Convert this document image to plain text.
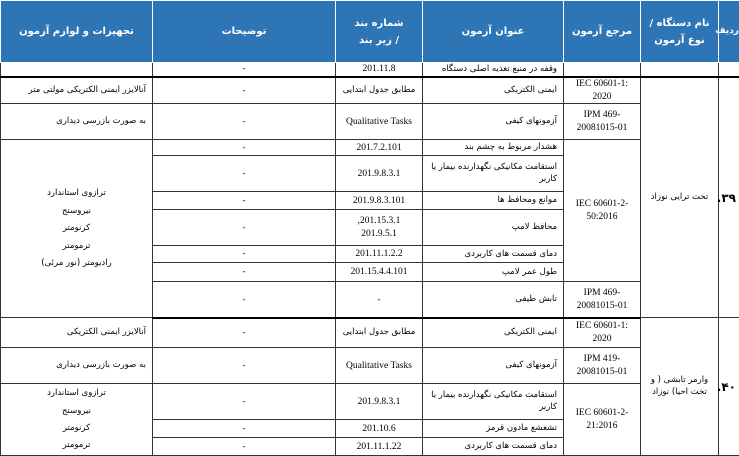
ردیف	نام دستگاه / نوع آزمون	مرجع آزمون	عنوان آزمون	شماره بند / زیر بند	توضیحات	تجهیزات و لوازم آزمون
			وقفه در منبع تغذیه اصلی دستگاه	201.11.8	-	
۳۹.	تخت ترایی نوزاد	IEC 60601-1: 2020	ایمنی الکتریکی	مطابق جدول ابتدایی	-	آنالایزر ایمنی الکتریکی مولتی متر
		IPM 469-20081015-01	آزمونهای کیفی	Qualitative Tasks	-	به صورت بازرسی دیداری
		IEC 60601-2-50:2016	هشدار مربوط به چشم بند	201.7.2.101	-	ترازوی استاندارد
نیروسنج
کرنومتر
ترمومتر
رادیومتر (نور مرئی)

			استقامت مکانیکی نگهدارنده بیمار یا کاربر	201.9.8.3.1	-	
			موانع ومحافظ ها	201.9.8.3.101	-	
			محافظ لامپ	201.15.3.1, 201.9.5.1	-	
			دمای قسمت های کاربردی	201.11.1.2.2	-	
			طول عمر لامپ	201.15.4.4.101	-	
		IPM 469-20081015-01	تابش طیفی	-	-	
۴۰.	وارمر تابشی ( و تخت احیا) نوزاد	IEC 60601-1: 2020	ایمنی الکتریکی	مطابق جدول ابتدایی	-	آنالایزر ایمنی الکتریکی
		IPM 419-20081015-01	آزمونهای کیفی	Qualitative Tasks	-	به صورت بازرسی دیداری
		IEC 60601-2-21:2016	استقامت مکانیکی نگهدارنده بیمار یا کاربر	201.9.8.3.1	-	ترازوی استاندارد
نیروسنج
کرنومتر
ترمومتر

			تشعشع مادون قرمز	201.10.6	-	
			دمای قسمت های کاربردی	201.11.1.22	-	
